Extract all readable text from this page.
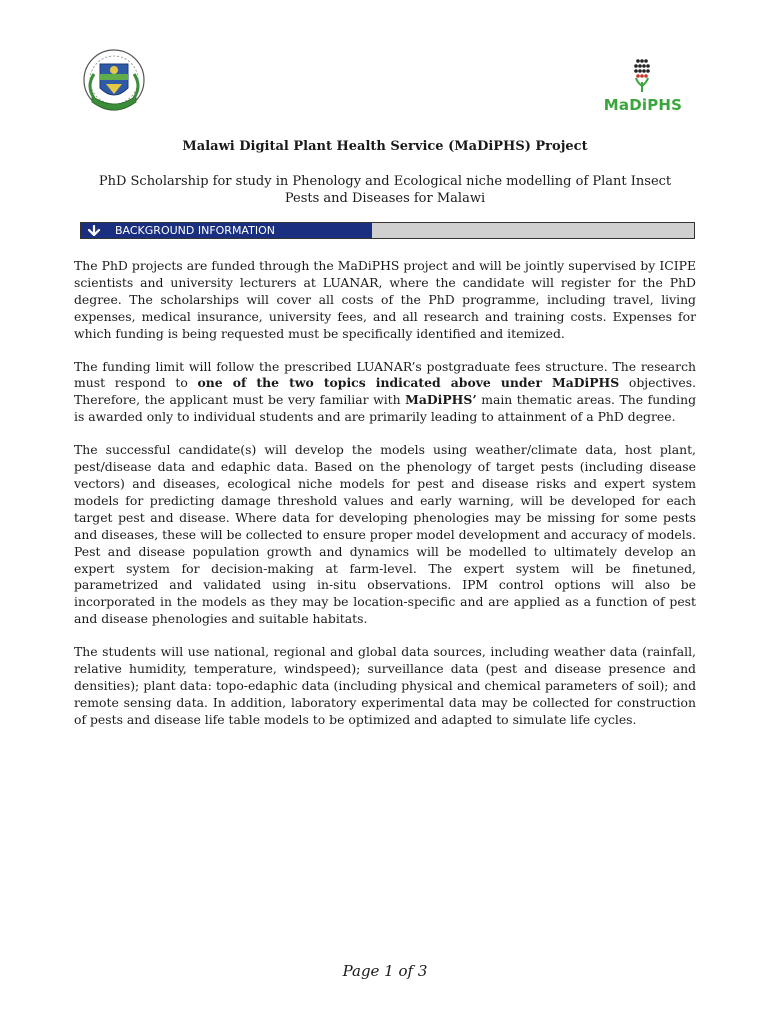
MaDiPHS
Malawi Digital Plant Health Service (MaDiPHS) Project
PhD Scholarship for study in Phenology and Ecological niche modelling of Plant Insect Pests and Diseases for Malawi
BACKGROUND INFORMATION

The PhD projects are funded through the MaDiPHS project and will be jointly supervised by ICIPE scientists and university lecturers at LUANAR, where the candidate will register for the PhD degree. The scholarships will cover all costs of the PhD programme, including travel, living expenses, medical insurance, university fees, and all research and training costs. Expenses for which funding is being requested must be specifically identified and itemized.

The funding limit will follow the prescribed LUANAR’s postgraduate fees structure. The research must respond to one of the two topics indicated above under MaDiPHS objectives. Therefore, the applicant must be very familiar with MaDiPHS’ main thematic areas. The funding is awarded only to individual students and are primarily leading to attainment of a PhD degree.

The successful candidate(s) will develop the models using weather/climate data, host plant, pest/disease data and edaphic data. Based on the phenology of target pests (including disease vectors) and diseases, ecological niche models for pest and disease risks and expert system models for predicting damage threshold values and early warning, will be developed for each target pest and disease. Where data for developing phenologies may be missing for some pests and diseases, these will be collected to ensure proper model development and accuracy of models. Pest and disease population growth and dynamics will be modelled to ultimately develop an expert system for decision-making at farm-level. The expert system will be finetuned, parametrized and validated using in-situ observations. IPM control options will also be incorporated in the models as they may be location-specific and are applied as a function of pest and disease phenologies and suitable habitats.

The students will use national, regional and global data sources, including weather data (rainfall, relative humidity, temperature, windspeed); surveillance data (pest and disease presence and densities); plant data: topo-edaphic data (including physical and chemical parameters of soil); and remote sensing data. In addition, laboratory experimental data may be collected for construction of pests and disease life table models to be optimized and adapted to simulate life cycles.

Page 1 of 3
